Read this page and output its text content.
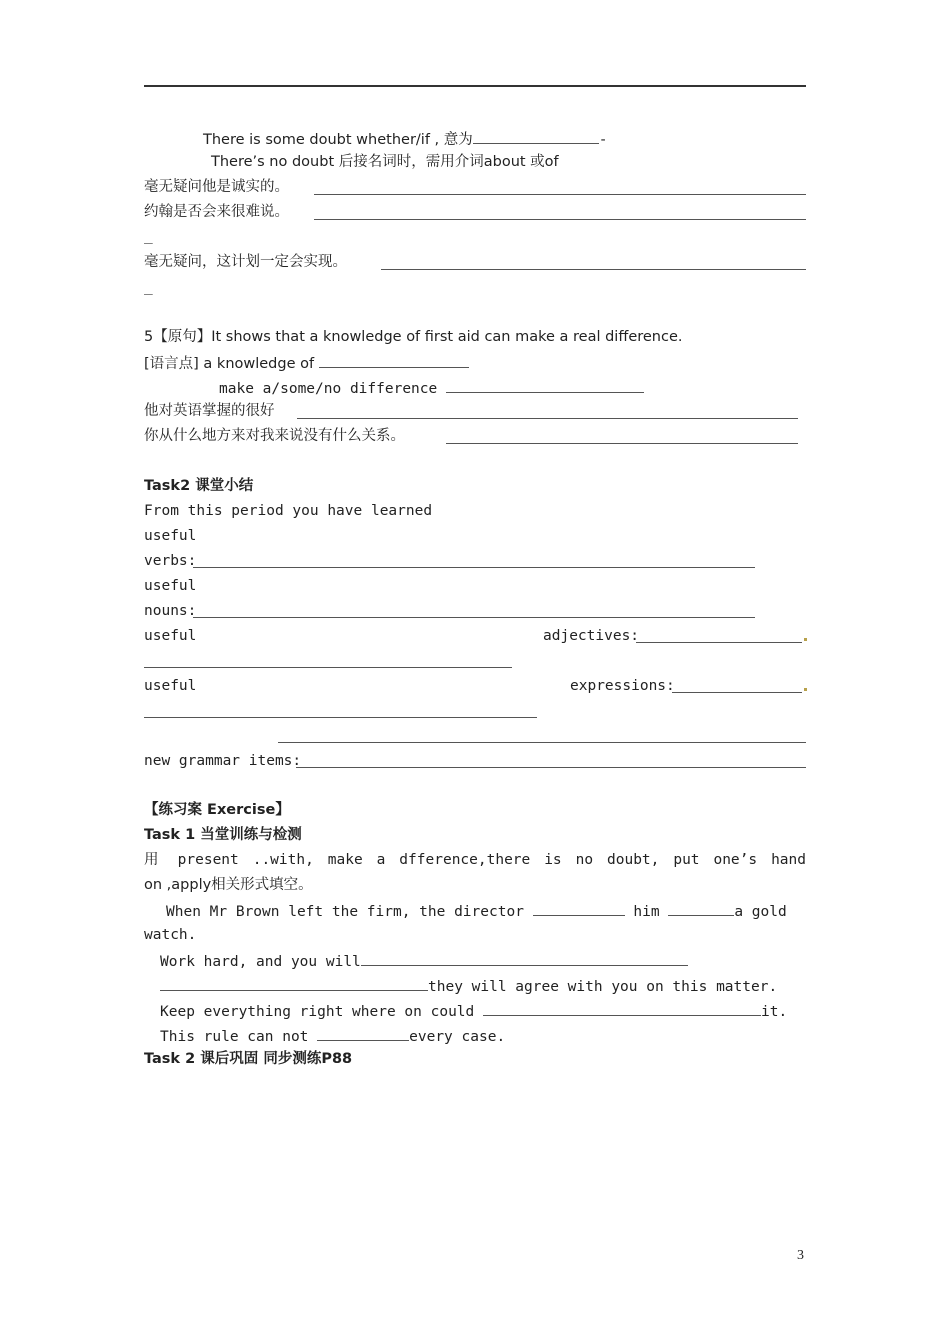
There is some doubt whether/if , 意为	-
There’s no doubt 后接名词时，需用介词about 或of
毫无疑问他是诚实的。
约翰是否会来很难说。
_
毫无疑问，这计划一定会实现。
_
5【原句】It shows that a knowledge of first aid can make a real difference.
[语言点] a knowledge of
make a/some/no difference
他对英语掌握的很好
你从什么地方来对我来说没有什么关系。
Task2 课堂小结
From this period you have learned
useful
verbs:
useful
nouns:
useful	adjectives:
useful	expressions:
new grammar items:
【练习案 Exercise】
Task 1 当堂训练与检测
用 present ..with, make a dfference,there is no doubt, put one’s hand
on ,apply相关形式填空。
When Mr Brown left the firm, the director	him	a gold
watch.
Work hard, and you will
they will agree with you on this matter.
Keep everything right where on could	it.
This rule can not	every case.
Task 2 课后巩固 同步测练P88
3
